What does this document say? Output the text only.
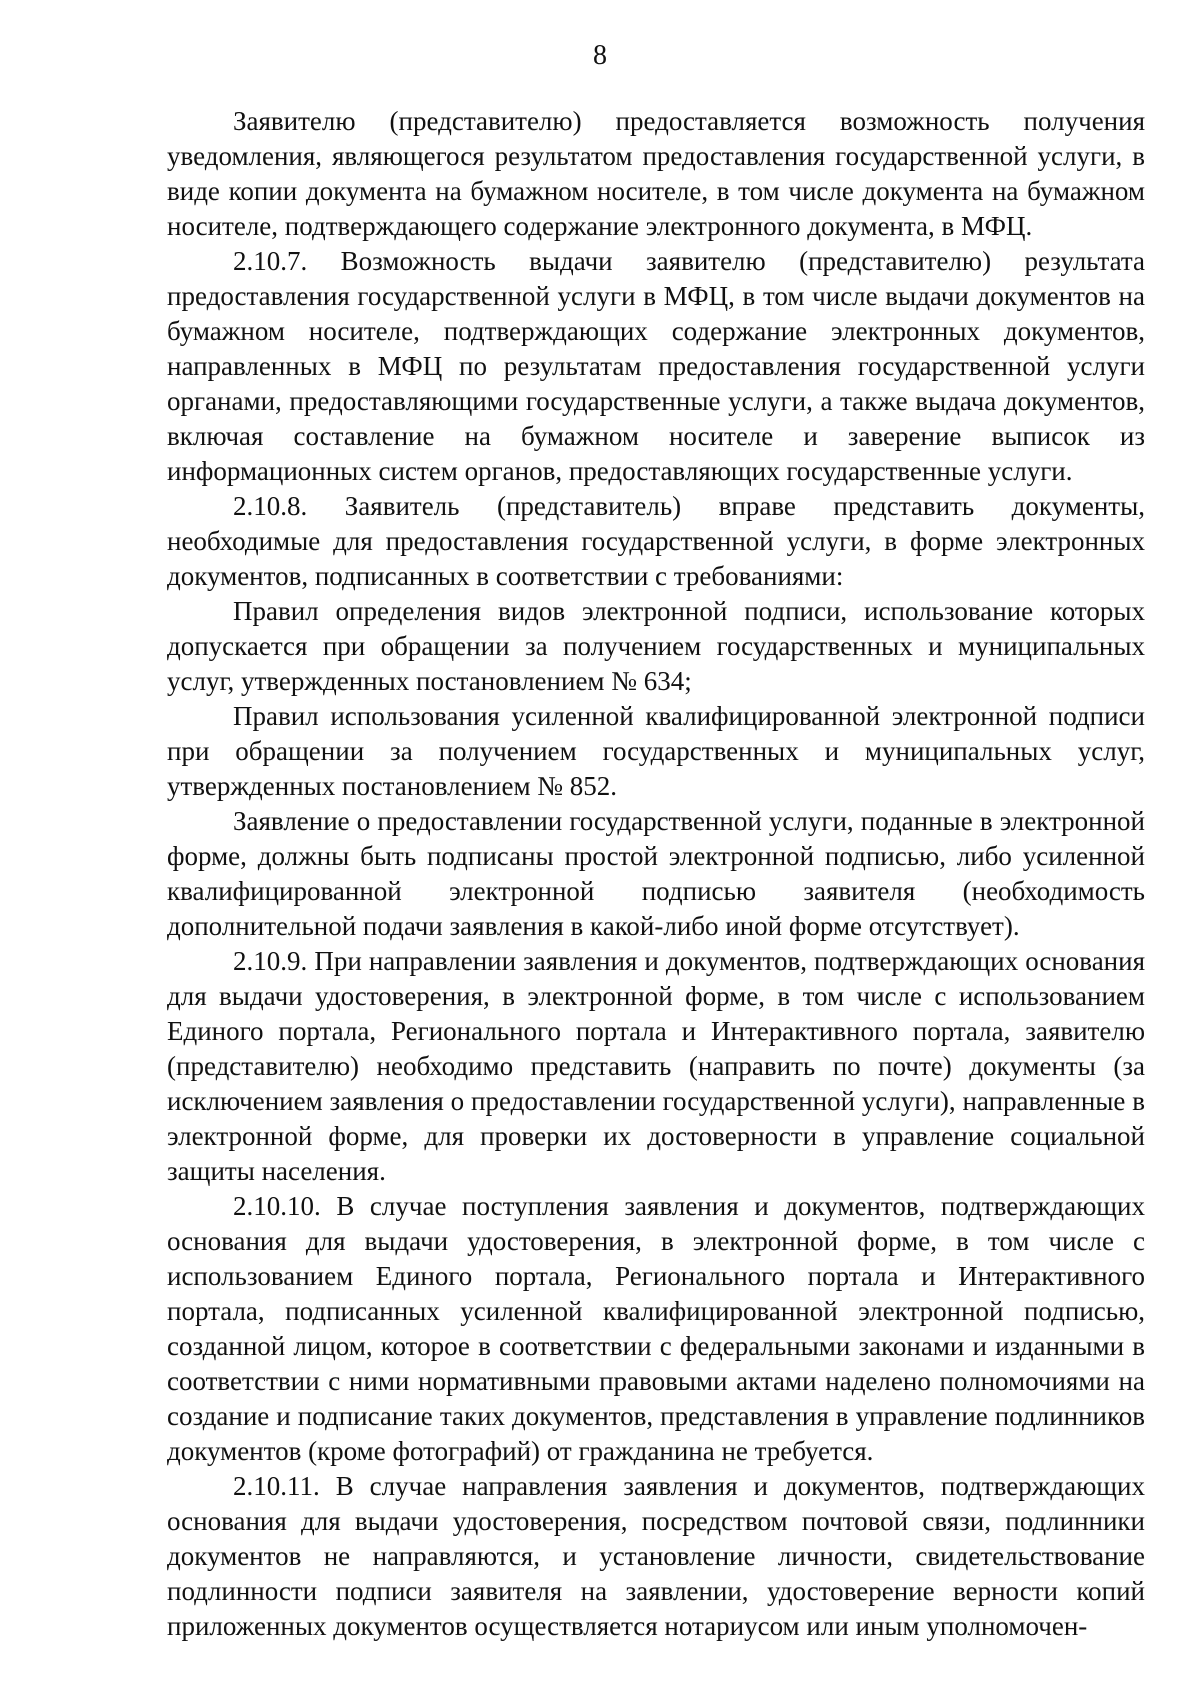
8

Заявителю (представителю) предоставляется возможность получения уведомления, являющегося результатом предоставления государственной услуги, в виде копии документа на бумажном носителе, в том числе документа на бумажном носителе, подтверждающего содержание электронного документа, в МФЦ.

2.10.7. Возможность выдачи заявителю (представителю) результата предоставления государственной услуги в МФЦ, в том числе выдачи документов на бумажном носителе, подтверждающих содержание электронных документов, направленных в МФЦ по результатам предоставления государственной услуги органами, предоставляющими государственные услуги, а также выдача документов, включая составление на бумажном носителе и заверение выписок из информационных систем органов, предоставляющих государственные услуги.

2.10.8. Заявитель (представитель) вправе представить документы, необходимые для предоставления государственной услуги, в форме электронных документов, подписанных в соответствии с требованиями:

Правил определения видов электронной подписи, использование которых допускается при обращении за получением государственных и муниципальных услуг, утвержденных постановлением № 634;

Правил использования усиленной квалифицированной электронной подписи при обращении за получением государственных и муниципальных услуг, утвержденных постановлением № 852.

Заявление о предоставлении государственной услуги, поданные в электронной форме, должны быть подписаны простой электронной подписью, либо усиленной квалифицированной электронной подписью заявителя (необходимость дополнительной подачи заявления в какой-либо иной форме отсутствует).

2.10.9. При направлении заявления и документов, подтверждающих основания для выдачи удостоверения, в электронной форме, в том числе с использованием Единого портала, Регионального портала и Интерактивного портала, заявителю (представителю) необходимо представить (направить по почте) документы (за исключением заявления о предоставлении государственной услуги), направленные в электронной форме, для проверки их достоверности в управление социальной защиты населения.

2.10.10. В случае поступления заявления и документов, подтверждающих основания для выдачи удостоверения, в электронной форме, в том числе с использованием Единого портала, Регионального портала и Интерактивного портала, подписанных усиленной квалифицированной электронной подписью, созданной лицом, которое в соответствии с федеральными законами и изданными в соответствии с ними нормативными правовыми актами наделено полномочиями на создание и подписание таких документов, представления в управление подлинников документов (кроме фотографий) от гражданина не требуется.

2.10.11. В случае направления заявления и документов, подтверждающих основания для выдачи удостоверения, посредством почтовой связи, подлинники документов не направляются, и установление личности, свидетельствование подлинности подписи заявителя на заявлении, удостоверение верности копий приложенных документов осуществляется нотариусом или иным уполномочен-
